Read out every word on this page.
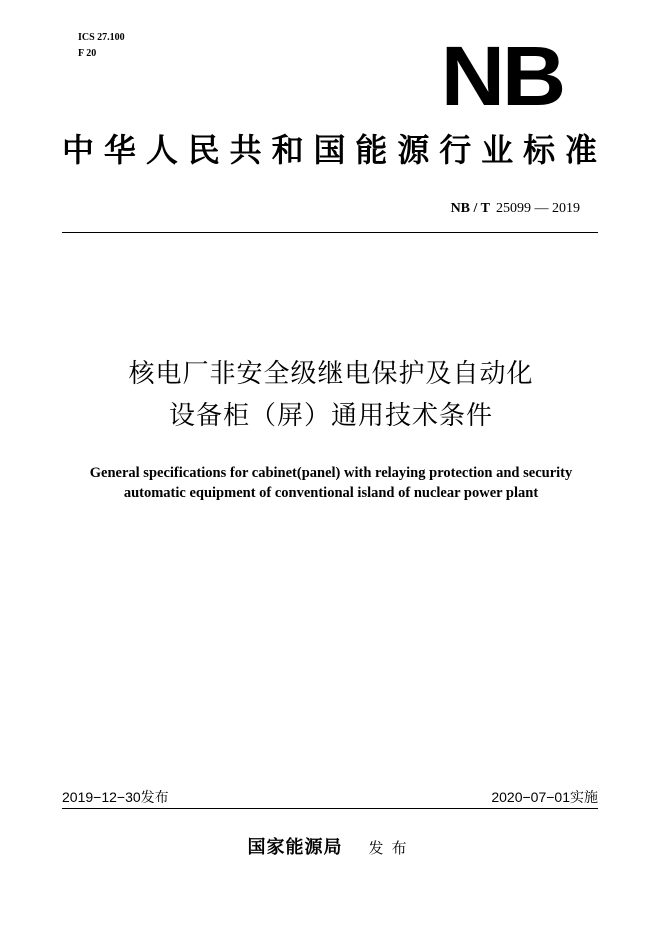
ICS 27.100
F 20	NB
中华人民共和国能源行业标准
NB / T 25099 — 2019
核电厂非安全级继电保护及自动化
设备柜（屏）通用技术条件
General specifications for cabinet(panel) with relaying protection and security
automatic equipment of conventional island of nuclear power plant
2019−12−30发布	2020−07−01实施
国家能源局 发布
